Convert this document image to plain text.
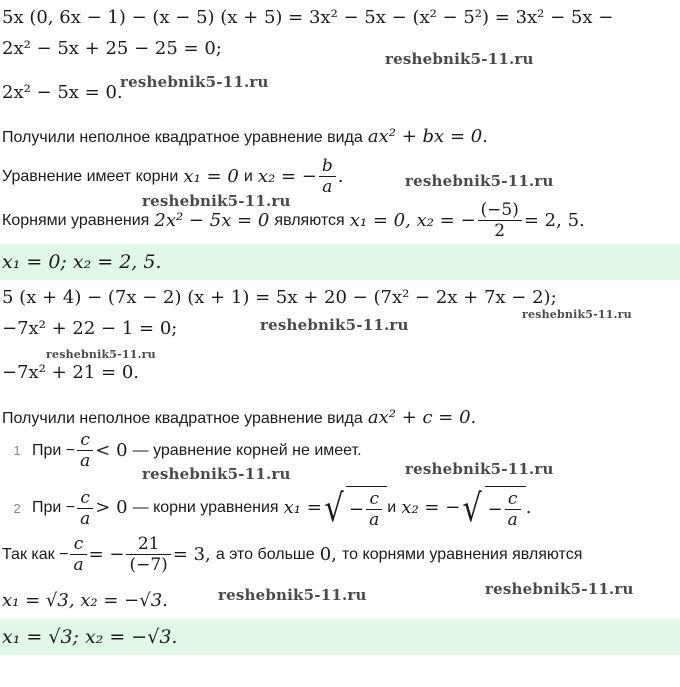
5x (0, 6x − 1) − (x − 5) (x + 5) = 3x² − 5x − (x² − 5²) = 3x² − 5x −
2x² − 5x + 25 − 25 = 0;
2x² − 5x = 0.
Получили неполное квадратное уравнение вида ax² + bx = 0.
Уравнение имеет корни
x₁ = 0
и
x₂ = − $\frac{b}{a}$ .
Корнями уравнения
2x² − 5x = 0
являются
x₁ = 0, x₂ = − $\frac{(-5)}{2} = 2$, 5.
x₁ = 0; x₂ = 2, 5.
5 (x + 4) − (7x − 2) (x + 1) = 5x + 20 − (7x² − 2x + 7x − 2);
−7x² + 22 − 1 = 0;
−7x² + 21 = 0.
Получили неполное квадратное уравнение вида ax² + c = 0.
1 При − $\frac{c}{a} < 0$
— уравнение корней не имеет.
2 При − $\frac{c}{a} > 0$
— корни уравнения
x₁ = √ − $\frac{c}{a}$ и
x₂ = − √ − $\frac{c}{a}$ .
Так как − $\frac{c}{a}$ = − $\frac{21}{(-7)} = 3$,
а это больше
0,
то корнями уравнения являются
x₁ = √3, x₂ = −√3.
x₁ = √3; x₂ = −√3.
reshebnik5-11.ru
reshebnik5-11.ru
reshebnik5-11.ru
reshebnik5-11.ru
reshebnik5-11.ru
reshebnik5-11.ru
reshebnik5-11.ru
reshebnik5-11.ru
reshebnik5-11.ru
reshebnik5-11.ru
reshebnik5-11.ru
